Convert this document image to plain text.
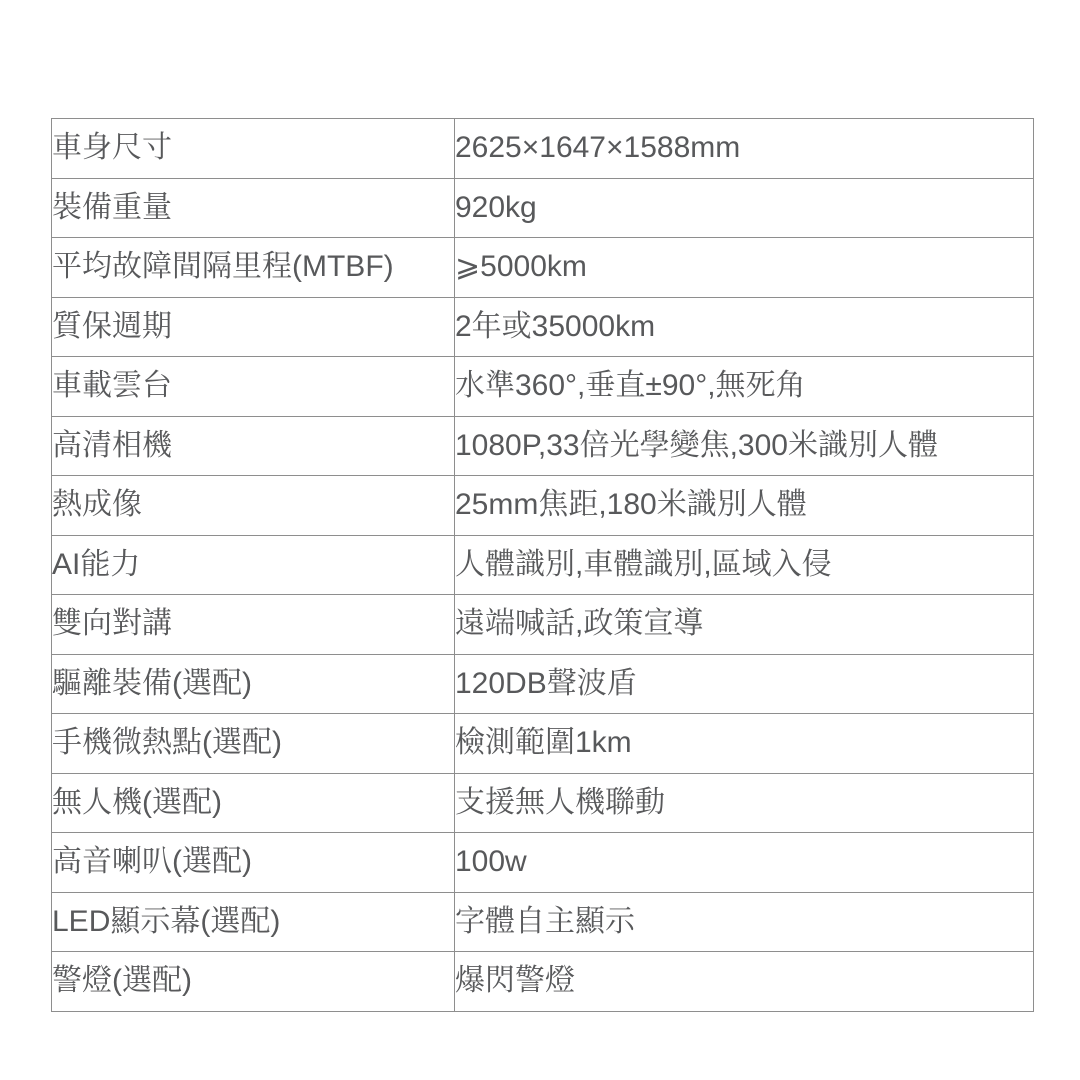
車身尺寸	2625×1647×1588mm
裝備重量	920kg
平均故障間隔里程(MTBF)	⩾5000km
質保週期	2年或35000km
車載雲台	水準360°,垂直±90°,無死角
高清相機	1080P,33倍光學變焦,300米識別人體
熱成像	25mm焦距,180米識別人體
AI能力	人體識別,車體識別,區域入侵
雙向對講	遠端喊話,政策宣導
驅離裝備(選配)	120DB聲波盾
手機微熱點(選配)	檢測範圍1km
無人機(選配)	支援無人機聯動
高音喇叭(選配)	100w
LED顯示幕(選配)	字體自主顯示
警燈(選配)	爆閃警燈
